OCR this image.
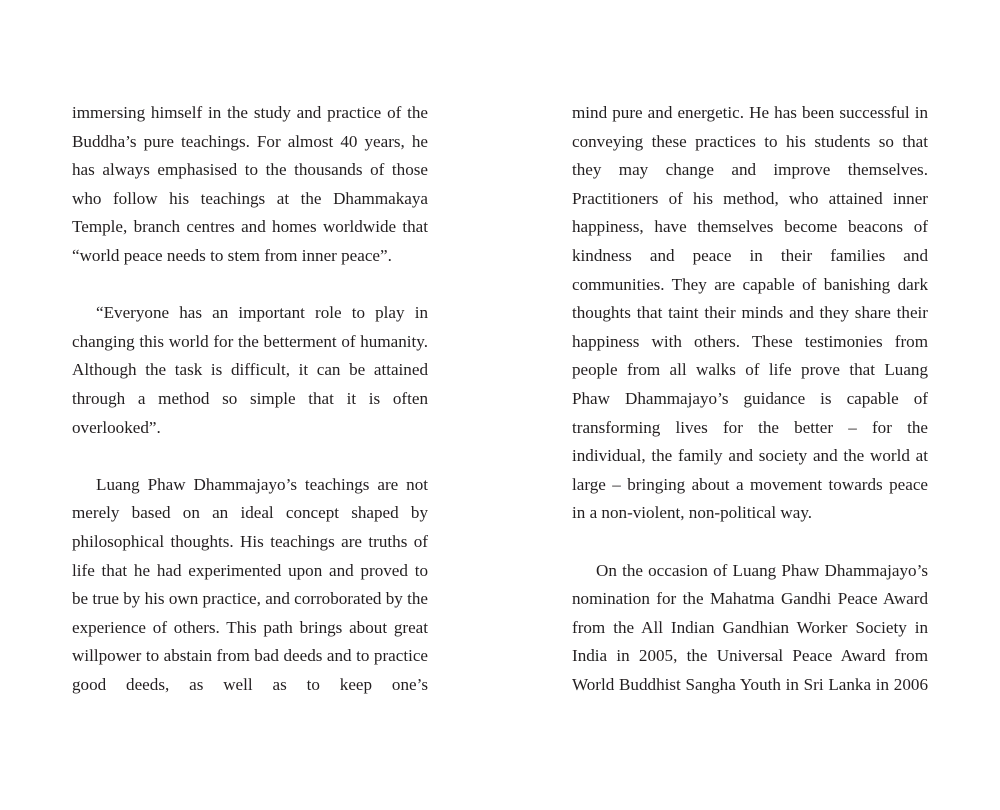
immersing himself in the study and practice of the Buddha’s pure teachings. For almost 40 years, he has always emphasised to the thousands of those who follow his teachings at the Dhammakaya Temple, branch centres and homes worldwide that “world peace needs to stem from inner peace”.

“Everyone has an important role to play in changing this world for the betterment of humanity. Although the task is difficult, it can be attained through a method so simple that it is often overlooked”.

Luang Phaw Dhammajayo’s teachings are not merely based on an ideal concept shaped by philosophical thoughts. His teachings are truths of life that he had experimented upon and proved to be true by his own practice, and corroborated by the experience of others. This path brings about great willpower to abstain from bad deeds and to practice good deeds, as well as to keep one’s

mind pure and energetic. He has been successful in conveying these practices to his students so that they may change and improve themselves. Practitioners of his method, who attained inner happiness, have themselves become beacons of kindness and peace in their families and communities. They are capable of banishing dark thoughts that taint their minds and they share their happiness with others. These testimonies from people from all walks of life prove that Luang Phaw Dhammajayo’s guidance is capable of transforming lives for the better – for the individual, the family and society and the world at large – bringing about a movement towards peace in a non-violent, non-political way.

On the occasion of Luang Phaw Dhammajayo’s nomination for the Mahatma Gandhi Peace Award from the All Indian Gandhian Worker Society in India in 2005, the Universal Peace Award from World Buddhist Sangha Youth in Sri Lanka in 2006
